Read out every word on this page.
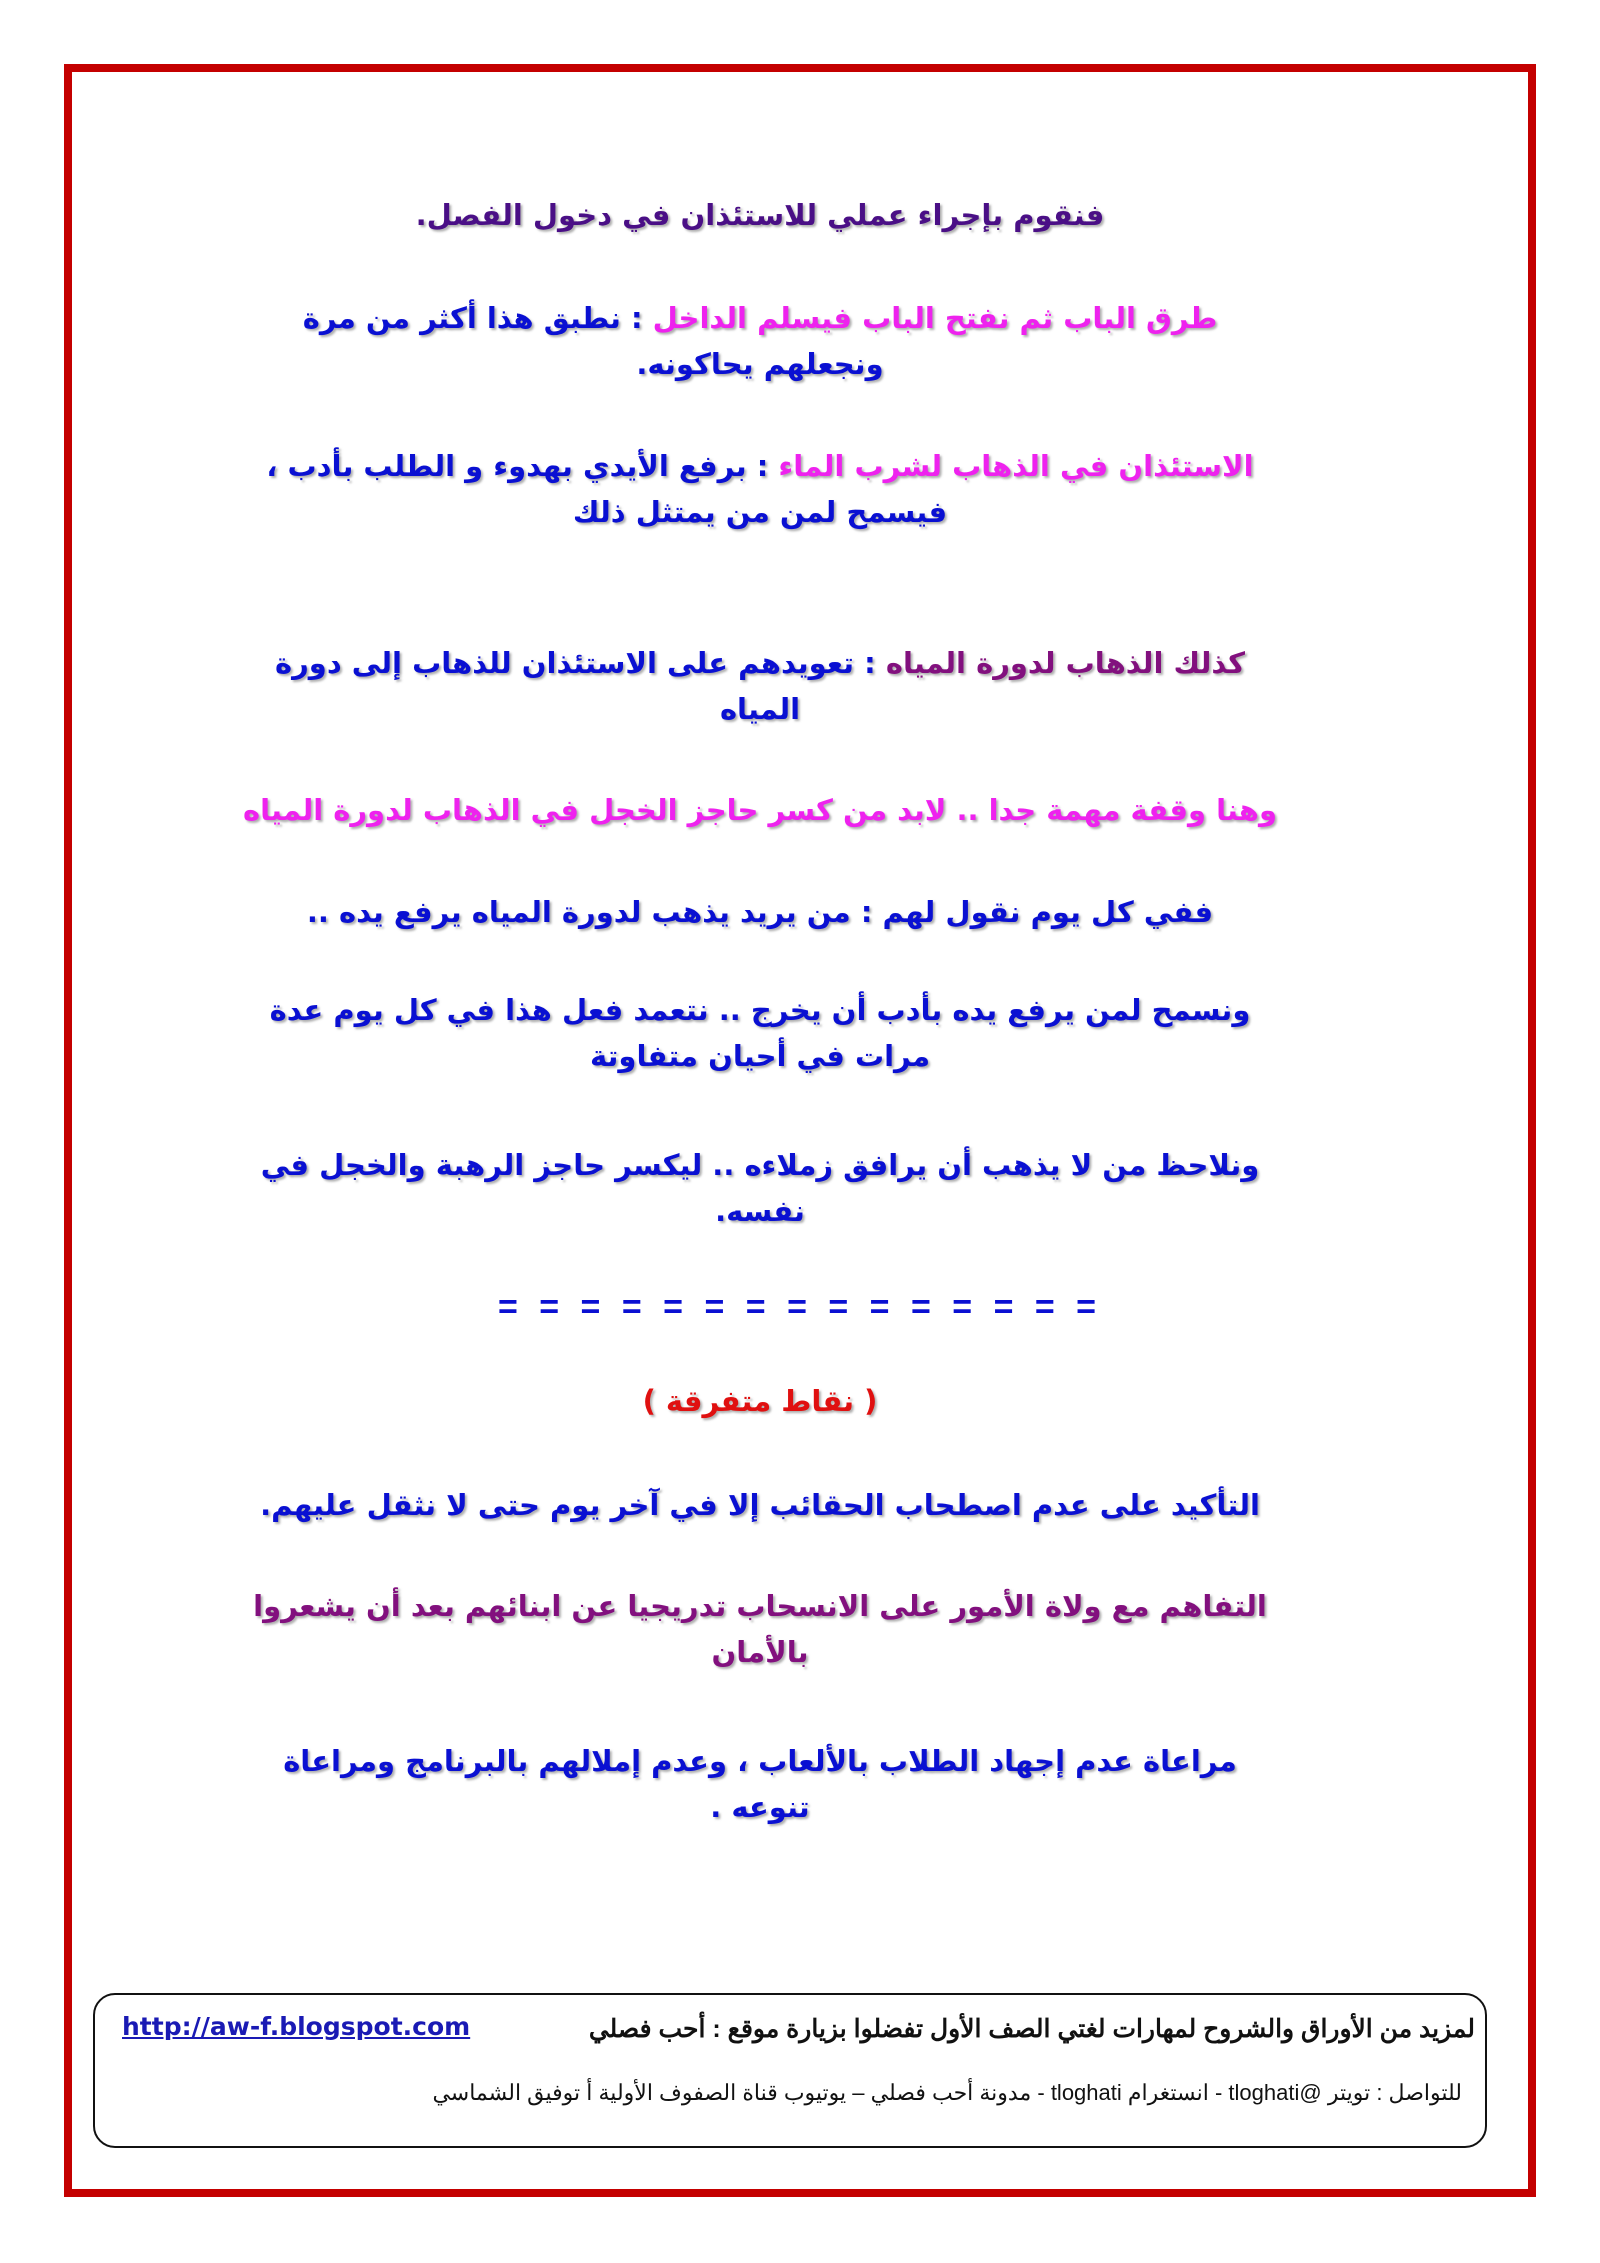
فنقوم بإجراء عملي للاستئذان في دخول الفصل.
طرق الباب ثم نفتح الباب فيسلم الداخل : نطبق هذا أكثر من مرة
ونجعلهم يحاكونه.
الاستئذان في الذهاب لشرب الماء : برفع الأيدي بهدوء و الطلب بأدب ،
فيسمح لمن من يمتثل ذلك
كذلك الذهاب لدورة المياه : تعويدهم على الاستئذان للذهاب إلى دورة
المياه
وهنا وقفة مهمة جدا .. لابد من كسر حاجز الخجل في الذهاب لدورة المياه
ففي كل يوم نقول لهم : من يريد يذهب لدورة المياه يرفع يده ..
ونسمح لمن يرفع يده بأدب أن يخرج .. نتعمد فعل هذا في كل يوم عدة
مرات في أحيان متفاوتة
ونلاحظ من لا يذهب أن يرافق زملاءه .. ليكسر حاجز الرهبة والخجل في
نفسه.
= = = = = = = = = = = = = = =
( نقاط متفرقة )
التأكيد على عدم اصطحاب الحقائب إلا في آخر يوم حتى لا نثقل عليهم.
التفاهم مع ولاة الأمور على الانسحاب تدريجيا عن ابنائهم بعد أن يشعروا
بالأمان
مراعاة عدم إجهاد الطلاب بالألعاب ، وعدم إملالهم بالبرنامج ومراعاة
تنوعه .
لمزيد من الأوراق والشروح لمهارات لغتي الصف الأول تفضلوا بزيارة موقع : أحب فصلي
http://aw-f.blogspot.com
للتواصل : تويتر @tloghati - انستغرام tloghati - مدونة أحب فصلي – يوتيوب قناة الصفوف الأولية أ توفيق الشماسي
